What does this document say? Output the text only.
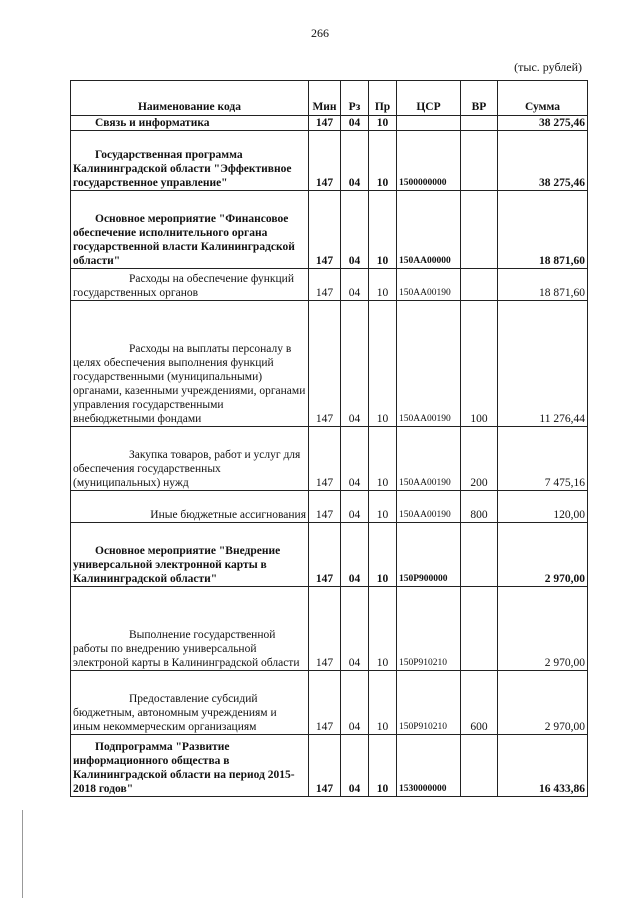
266
(тыс. рублей)
Наименование кода	Мин	Рз	Пр	ЦСР	ВР	Сумма
Связь и информатика	147	04	10			38 275,46
Государственная программа Калининградской области "Эффективное государственное управление"	147	04	10	1500000000		38 275,46
Основное мероприятие "Финансовое обеспечение исполнительного органа государственной власти Калининградской области"	147	04	10	150АА00000		18 871,60
Расходы на обеспечение функций государственных органов	147	04	10	150АА00190		18 871,60
Расходы на выплаты персоналу в целях обеспечения выполнения функций государственными (муниципальными) органами, казенными учреждениями, органами управления государственными внебюджетными фондами	147	04	10	150АА00190	100	11 276,44
Закупка товаров, работ и услуг для обеспечения государственных (муниципальных) нужд	147	04	10	150АА00190	200	7 475,16
Иные бюджетные ассигнования	147	04	10	150АА00190	800	120,00
Основное мероприятие "Внедрение универсальной электронной карты в Калининградской области"	147	04	10	150Р900000		2 970,00
Выполнение государственной работы по внедрению универсальной электроной карты в Калининградской области	147	04	10	150Р910210		2 970,00
Предоставление субсидий бюджетным, автономным учреждениям и иным некоммерческим организациям	147	04	10	150Р910210	600	2 970,00
Подпрограмма "Развитие информационного общества в Калининградской области на период 2015-2018 годов"	147	04	10	1530000000		16 433,86
